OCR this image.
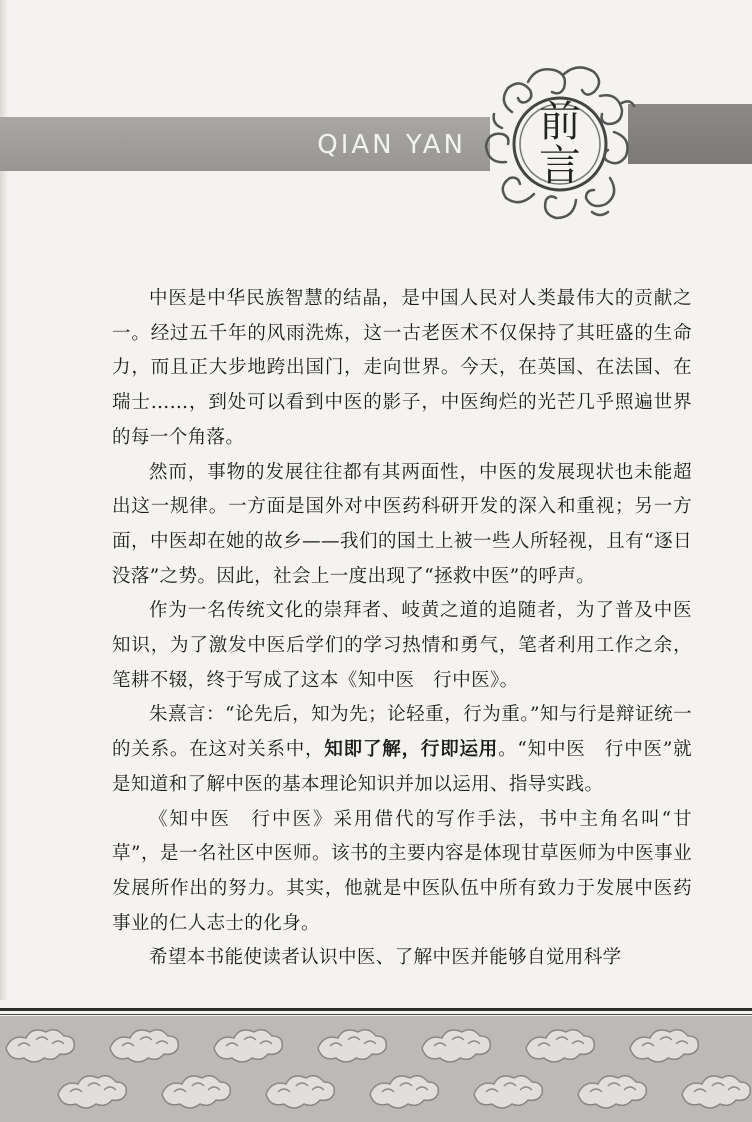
QIAN YAN 前
言

中医是中华民族智慧的结晶，是中国人民对人类最伟大的贡献之一。经过五千年的风雨洗炼，这一古老医术不仅保持了其旺盛的生命力，而且正大步地跨出国门，走向世界。今天，在英国、在法国、在瑞士……，到处可以看到中医的影子，中医绚烂的光芒几乎照遍世界的每一个角落。

然而，事物的发展往往都有其两面性，中医的发展现状也未能超出这一规律。一方面是国外对中医药科研开发的深入和重视；另一方面，中医却在她的故乡——我们的国土上被一些人所轻视，且有“逐日没落”之势。因此，社会上一度出现了“拯救中医”的呼声。

作为一名传统文化的崇拜者、岐黄之道的追随者，为了普及中医知识，为了激发中医后学们的学习热情和勇气，笔者利用工作之余，笔耕不辍，终于写成了这本《知中医　行中医》。

朱熹言：“论先后，知为先；论轻重，行为重。”知与行是辩证统一的关系。在这对关系中，知即了解，行即运用。“知中医　行中医”就是知道和了解中医的基本理论知识并加以运用、指导实践。

《知中医　行中医》采用借代的写作手法，书中主角名叫“甘草”，是一名社区中医师。该书的主要内容是体现甘草医师为中医事业发展所作出的努力。其实，他就是中医队伍中所有致力于发展中医药事业的仁人志士的化身。

希望本书能使读者认识中医、了解中医并能够自觉用科学
